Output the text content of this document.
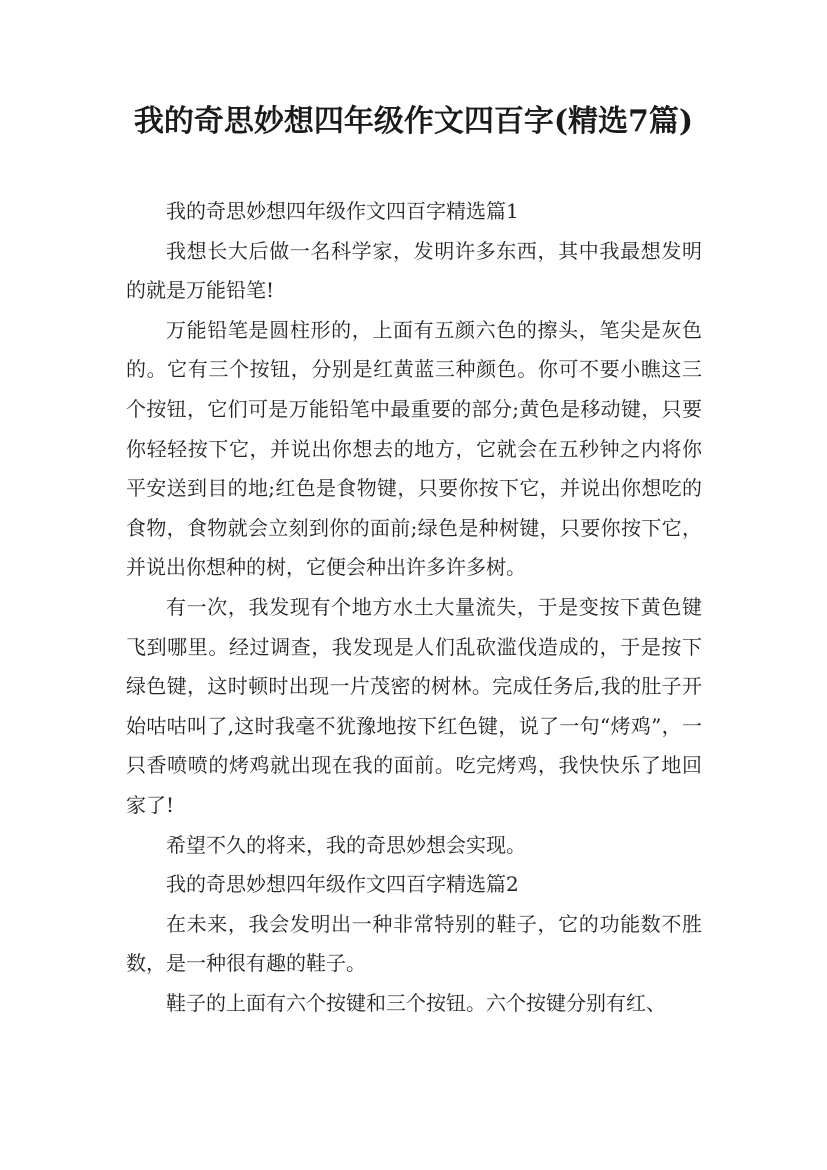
我的奇思妙想四年级作文四百字(精选7篇)

我的奇思妙想四年级作文四百字精选篇1

我想长大后做一名科学家，发明许多东西，其中我最想发明的就是万能铅笔!

万能铅笔是圆柱形的，上面有五颜六色的擦头，笔尖是灰色的。它有三个按钮，分别是红黄蓝三种颜色。你可不要小瞧这三个按钮，它们可是万能铅笔中最重要的部分;黄色是移动键，只要你轻轻按下它，并说出你想去的地方，它就会在五秒钟之内将你平安送到目的地;红色是食物键，只要你按下它，并说出你想吃的食物，食物就会立刻到你的面前;绿色是种树键，只要你按下它，并说出你想种的树，它便会种出许多许多树。

有一次，我发现有个地方水土大量流失，于是变按下黄色键飞到哪里。经过调查，我发现是人们乱砍滥伐造成的，于是按下绿色键，这时顿时出现一片茂密的树林。完成任务后,我的肚子开始咕咕叫了,这时我毫不犹豫地按下红色键，说了一句“烤鸡”，一只香喷喷的烤鸡就出现在我的面前。吃完烤鸡，我快快乐了地回家了!

希望不久的将来，我的奇思妙想会实现。

我的奇思妙想四年级作文四百字精选篇2

在未来，我会发明出一种非常特别的鞋子，它的功能数不胜数，是一种很有趣的鞋子。

鞋子的上面有六个按键和三个按钮。六个按键分别有红、
